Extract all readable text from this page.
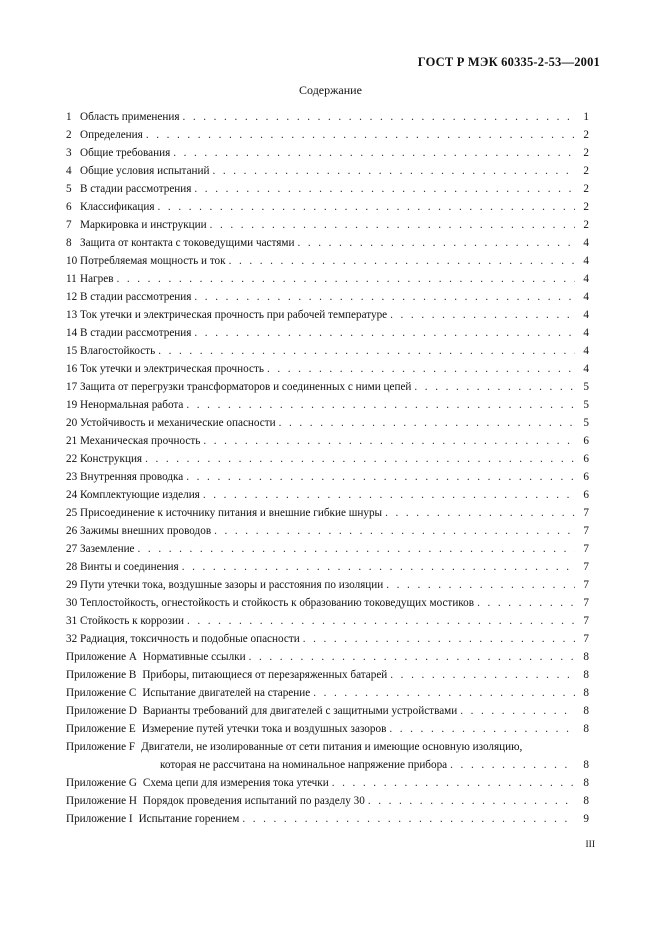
ГОСТ Р МЭК 60335-2-53—2001
Содержание
1 Область применения . . .	1
2 Определения . . .	2
3 Общие требования . . .	2
4 Общие условия испытаний . . .	2
5 В стадии рассмотрения . . .	2
6 Классификация . . .	2
7 Маркировка и инструкции . . .	2
8 Защита от контакта с токоведущими частями . . .	4
10 Потребляемая мощность и ток . . .	4
11 Нагрев . . .	4
12 В стадии рассмотрения . . .	4
13 Ток утечки и электрическая прочность при рабочей температуре . . .	4
14 В стадии рассмотрения . . .	4
15 Влагостойкость . . .	4
16 Ток утечки и электрическая прочность . . .	4
17 Защита от перегрузки трансформаторов и соединенных с ними цепей . . .	5
19 Ненормальная работа . . .	5
20 Устойчивость и механические опасности . . .	5
21 Механическая прочность . . .	6
22 Конструкция . . .	6
23 Внутренняя проводка . . .	6
24 Комплектующие изделия . . .	6
25 Присоединение к источнику питания и внешние гибкие шнуры . . .	7
26 Зажимы внешних проводов . . .	7
27 Заземление . . .	7
28 Винты и соединения . . .	7
29 Пути утечки тока, воздушные зазоры и расстояния по изоляции . . .	7
30 Теплостойкость, огнестойкость и стойкость к образованию токоведущих мостиков . . .	7
31 Стойкость к коррозии . . .	7
32 Радиация, токсичность и подобные опасности . . .	7
Приложение А Нормативные ссылки . . .	8
Приложение В Приборы, питающиеся от перезаряженных батарей . . .	8
Приложение С Испытание двигателей на старение . . .	8
Приложение D Варианты требований для двигателей с защитными устройствами . . .	8
Приложение Е Измерение путей утечки тока и воздушных зазоров . . .	8
Приложение F Двигатели, не изолированные от сети питания и имеющие основную изоляцию,
которая не рассчитана на номинальное напряжение прибора . . .	8
Приложение G Схема цепи для измерения тока утечки . . .	8
Приложение Н Порядок проведения испытаний по разделу 30 . . .	8
Приложение I Испытание горением . . .	9
III
